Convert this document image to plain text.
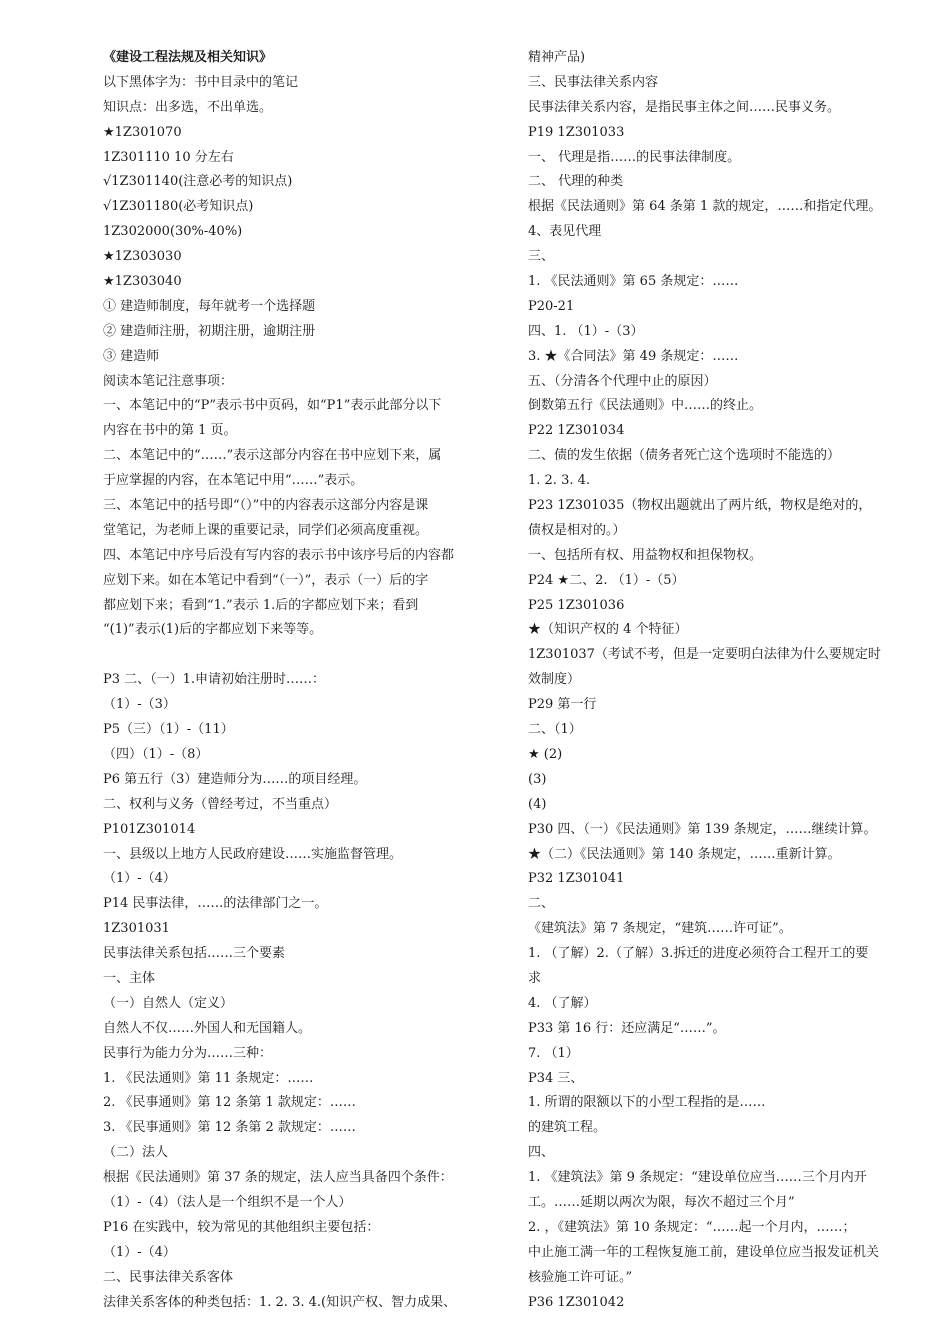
《建设工程法规及相关知识》
以下黑体字为：书中目录中的笔记
知识点：出多选，不出单选。
★1Z301070
1Z301110 10 分左右
√1Z301140(注意必考的知识点)
√1Z301180(必考知识点)
1Z302000(30%-40%)
★1Z303030
★1Z303040
① 建造师制度，每年就考一个选择题
② 建造师注册，初期注册，逾期注册
③ 建造师
阅读本笔记注意事项：
一、本笔记中的“P”表示书中页码，如“P1”表示此部分以下
内容在书中的第 1 页。
二、本笔记中的“……”表示这部分内容在书中应划下来，属
于应掌握的内容，在本笔记中用“……”表示。
三、本笔记中的括号即“（）”中的内容表示这部分内容是课
堂笔记，为老师上课的重要记录，同学们必须高度重视。
四、本笔记中序号后没有写内容的表示书中该序号后的内容都
应划下来。如在本笔记中看到“（一）”，表示（一）后的字
都应划下来；看到“1.”表示 1.后的字都应划下来；看到
“(1)”表示(1)后的字都应划下来等等。
P3 二、（一）1.申请初始注册时……：
（1）-（3）
P5（三）（1）-（11）
（四）（1）-（8）
P6 第五行（3）建造师分为……的项目经理。
二、权利与义务（曾经考过，不当重点）
P101Z301014
一、县级以上地方人民政府建设……实施监督管理。
（1）-（4）
P14 民事法律，……的法律部门之一。
1Z301031
民事法律关系包括……三个要素
一、主体
（一）自然人（定义）
自然人不仅……外国人和无国籍人。
民事行为能力分为……三种：
1. 《民法通则》第 11 条规定：……
2. 《民事通则》第 12 条第 1 款规定：……
3. 《民事通则》第 12 条第 2 款规定：……
（二）法人
根据《民法通则》第 37 条的规定，法人应当具备四个条件：
（1）-（4）（法人是一个组织不是一个人）
P16 在实践中，较为常见的其他组织主要包括：
（1）-（4）
二、民事法律关系客体
法律关系客体的种类包括：1. 2. 3. 4.(知识产权、智力成果、
精神产品)
三、民事法律关系内容
民事法律关系内容，是指民事主体之间……民事义务。
P19 1Z301033
一、 代理是指……的民事法律制度。
二、 代理的种类
根据《民法通则》第 64 条第 1 款的规定，……和指定代理。
4、表见代理
三、
1. 《民法通则》第 65 条规定：……
P20-21
四、1. （1）-（3）
3. ★《合同法》第 49 条规定：……
五、（分清各个代理中止的原因）
倒数第五行《民法通则》中……的终止。
P22 1Z301034
二、债的发生依据（债务者死亡这个选项时不能选的）
1. 2. 3. 4.
P23 1Z301035（物权出题就出了两片纸，物权是绝对的，
债权是相对的。）
一、包括所有权、用益物权和担保物权。
P24 ★二、2. （1）-（5）
P25 1Z301036
★（知识产权的 4 个特征）
1Z301037（考试不考，但是一定要明白法律为什么要规定时
效制度）
P29 第一行
二、（1）
★ (2)
(3)
(4)
P30 四、（一）《民法通则》第 139 条规定，……继续计算。
★（二）《民法通则》第 140 条规定，……重新计算。
P32 1Z301041
二、
《建筑法》第 7 条规定，“建筑……许可证”。
1. （了解）2.（了解）3.拆迁的进度必须符合工程开工的要
求
4. （了解）
P33 第 16 行：还应满足“……”。
7. （1）
P34 三、
1. 所谓的限额以下的小型工程指的是……
的建筑工程。
四、
1. 《建筑法》第 9 条规定：“建设单位应当……三个月内开
工。……延期以两次为限，每次不超过三个月”
2. ，《建筑法》第 10 条规定：“……起一个月内，……；
中止施工满一年的工程恢复施工前，建设单位应当报发证机关
核验施工许可证。”
P36 1Z301042
